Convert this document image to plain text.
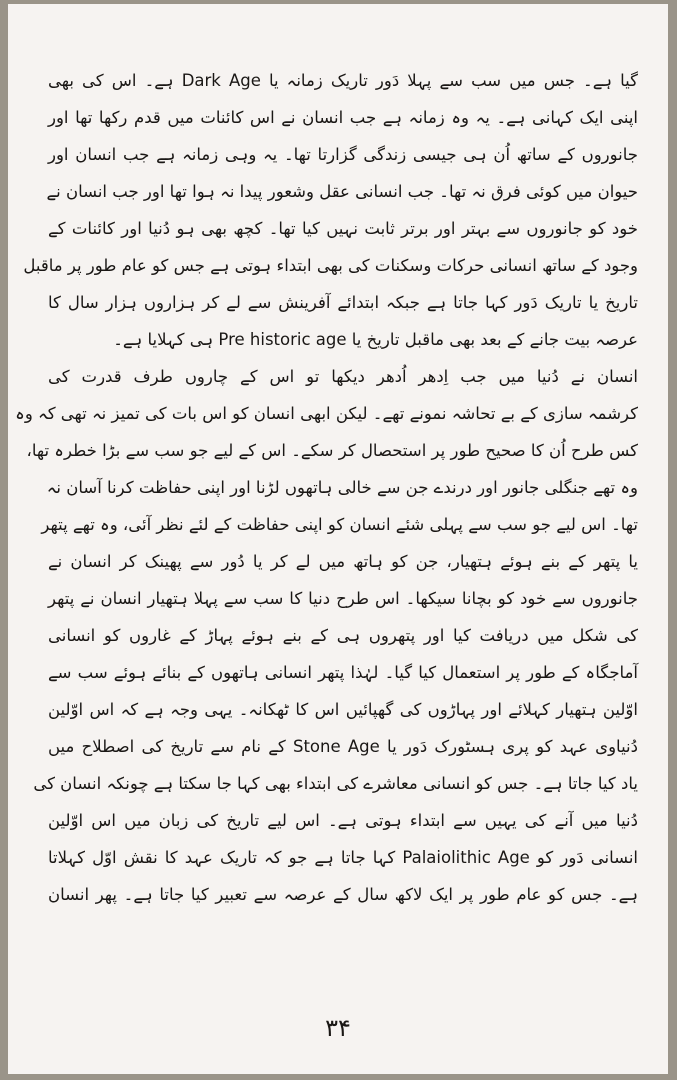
گیا ہے۔ جس میں سب سے پہلا دَور تاریک زمانہ یا Dark Age ہے۔ اس کی بھی
اپنی ایک کہانی ہے۔ یہ وہ زمانہ ہے جب انسان نے اس کائنات میں قدم رکھا تھا اور
جانوروں کے ساتھ اُن ہی جیسی زندگی گزارتا تھا۔ یہ وہی زمانہ ہے جب انسان اور
حیوان میں کوئی فرق نہ تھا۔ جب انسانی عقل وشعور پیدا نہ ہوا تھا اور جب انسان نے
خود کو جانوروں سے بہتر اور برتر ثابت نہیں کیا تھا۔ کچھ بھی ہو دُنیا اور کائنات کے
وجود کے ساتھ انسانی حرکات وسکنات کی بھی ابتداء ہوتی ہے جس کو عام طور پر ماقبل
تاریخ یا تاریک دَور کہا جاتا ہے جبکہ ابتدائے آفرینش سے لے کر ہزاروں ہزار سال کا
عرصہ بیت جانے کے بعد بھی ماقبل تاریخ یا Pre historic age ہی کہلایا ہے۔
انسان نے دُنیا میں جب اِدھر اُدھر دیکھا تو اس کے چاروں طرف قدرت کی
کرشمہ سازی کے بے تحاشہ نمونے تھے۔ لیکن ابھی انسان کو اس بات کی تمیز نہ تھی کہ وہ
کس طرح اُن کا صحیح طور پر استحصال کر سکے۔ اس کے لیے جو سب سے بڑا خطرہ تھا،
وہ تھے جنگلی جانور اور درندے جن سے خالی ہاتھوں لڑنا اور اپنی حفاظت کرنا آسان نہ
تھا۔ اس لیے جو سب سے پہلی شئے انسان کو اپنی حفاظت کے لئے نظر آئی، وہ تھے پتھر
یا پتھر کے بنے ہوئے ہتھیار، جن کو ہاتھ میں لے کر یا دُور سے پھینک کر انسان نے
جانوروں سے خود کو بچانا سیکھا۔ اس طرح دنیا کا سب سے پہلا ہتھیار انسان نے پتھر
کی شکل میں دریافت کیا اور پتھروں ہی کے بنے ہوئے پہاڑ کے غاروں کو انسانی
آماجگاہ کے طور پر استعمال کیا گیا۔ لہٰذا پتھر انسانی ہاتھوں کے بنائے ہوئے سب سے
اوّلین ہتھیار کہلائے اور پہاڑوں کی گھپائیں اس کا ٹھکانہ۔ یہی وجہ ہے کہ اس اوّلین
دُنیاوی عہد کو پری ہسٹورک دَور یا Stone Age کے نام سے تاریخ کی اصطلاح میں
یاد کیا جاتا ہے۔ جس کو انسانی معاشرے کی ابتداء بھی کہا جا سکتا ہے چونکہ انسان کی
دُنیا میں آنے کی یہیں سے ابتداء ہوتی ہے۔ اس لیے تاریخ کی زبان میں اس اوّلین
انسانی دَور کو Palaiolithic Age کہا جاتا ہے جو کہ تاریک عہد کا نقش اوّل کہلاتا
ہے۔ جس کو عام طور پر ایک لاکھ سال کے عرصہ سے تعبیر کیا جاتا ہے۔ پھر انسان
۳۴
